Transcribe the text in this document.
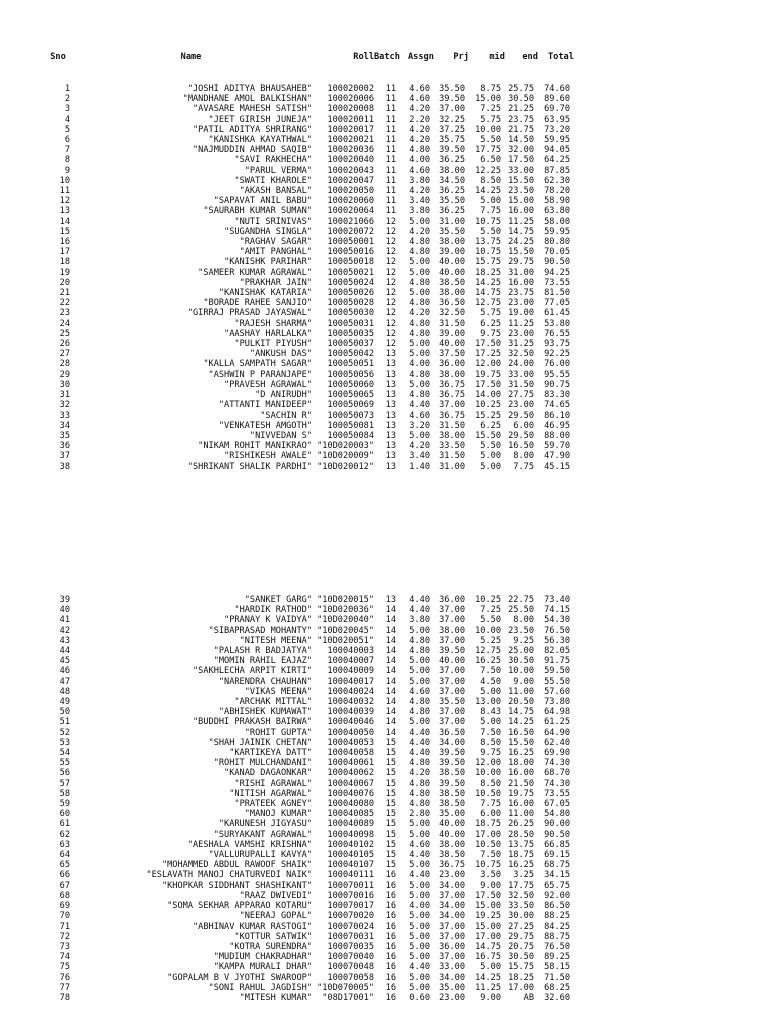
Sno	Name	Roll	Batch	Assgn	Prj	mid	end	Total
1	"JOSHI ADITYA BHAUSAHEB"	100020002	11	4.60	35.50	8.75	25.75	74.60
2	"MANDHANE AMOL BALKISHAN"	100020006	11	4.60	39.50	15.00	30.50	89.60
3	"AVASARE MAHESH SATISH"	100020008	11	4.20	37.00	7.25	21.25	69.70
4	"JEET GIRISH JUNEJA"	100020011	11	2.20	32.25	5.75	23.75	63.95
5	"PATIL ADITYA SHRIRANG"	100020017	11	4.20	37.25	10.00	21.75	73.20
6	"KANISHKA KAYATHWAL"	100020021	11	4.20	35.75	5.50	14.50	59.95
7	"NAJMUDDIN AHMAD SAQIB"	100020036	11	4.80	39.50	17.75	32.00	94.05
8	"SAVI RAKHECHA"	100020040	11	4.00	36.25	6.50	17.50	64.25
9	"PARUL VERMA"	100020043	11	4.60	38.00	12.25	33.00	87.85
10	"SWATI KHAROLE"	100020047	11	3.80	34.50	8.50	15.50	62.30
11	"AKASH BANSAL"	100020050	11	4.20	36.25	14.25	23.50	78.20
12	"SAPAVAT ANIL BABU"	100020060	11	3.40	35.50	5.00	15.00	58.90
13	"SAURABH KUMAR SUMAN"	100020064	11	3.80	36.25	7.75	16.00	63.80
14	"NUTI SRINIVAS"	100021066	12	5.00	31.00	10.75	11.25	58.00
15	"SUGANDHA SINGLA"	100020072	12	4.20	35.50	5.50	14.75	59.95
16	"RAGHAV SAGAR"	100050001	12	4.80	38.00	13.75	24.25	80.80
17	"AMIT PANGHAL"	100050016	12	4.80	39.00	10.75	15.50	70.05
18	"KANISHK PARIHAR"	100050018	12	5.00	40.00	15.75	29.75	90.50
19	"SAMEER KUMAR AGRAWAL"	100050021	12	5.00	40.00	18.25	31.00	94.25
20	"PRAKHAR JAIN"	100050024	12	4.80	38.50	14.25	16.00	73.55
21	"KANISHAK KATARIA"	100050026	12	5.00	38.00	14.75	23.75	81.50
22	"BORADE RAHEE SANJIO"	100050028	12	4.80	36.50	12.75	23.00	77.05
23	"GIRRAJ PRASAD JAYASWAL"	100050030	12	4.20	32.50	5.75	19.00	61.45
24	"RAJESH SHARMA"	100050031	12	4.80	31.50	6.25	11.25	53.80
25	"AASHAY HARLALKA"	100050035	12	4.80	39.00	9.75	23.00	76.55
26	"PULKIT PIYUSH"	100050037	12	5.00	40.00	17.50	31.25	93.75
27	"ANKUSH DAS"	100050042	13	5.00	37.50	17.25	32.50	92.25
28	"KALLA SAMPATH SAGAR"	100050051	13	4.00	36.00	12.00	24.00	76.00
29	"ASHWIN P PARANJAPE"	100050056	13	4.80	38.00	19.75	33.00	95.55
30	"PRAVESH AGRAWAL"	100050060	13	5.00	36.75	17.50	31.50	90.75
31	"D ANIRUDH"	100050065	13	4.80	36.75	14.00	27.75	83.30
32	"ATTANTI MANIDEEP"	100050069	13	4.40	37.00	10.25	23.00	74.65
33	"SACHIN R"	100050073	13	4.60	36.75	15.25	29.50	86.10
34	"VENKATESH AMGOTH"	100050081	13	3.20	31.50	6.25	6.00	46.95
35	"NIVVEDAN S"	100050084	13	5.00	38.00	15.50	29.50	88.00
36	"NIKAM ROHIT MANIKRAO"	"10D020003"	13	4.20	33.50	5.50	16.50	59.70
37	"RISHIKESH AWALE"	"10D020009"	13	3.40	31.50	5.00	8.00	47.90
38	"SHRIKANT SHALIK PARDHI"	"10D020012"	13	1.40	31.00	5.00	7.75	45.15
39	"SANKET GARG"	"10D020015"	13	4.40	36.00	10.25	22.75	73.40
40	"HARDIK RATHOD"	"10D020036"	14	4.40	37.00	7.25	25.50	74.15
41	"PRANAY K VAIDYA"	"10D020040"	14	3.80	37.00	5.50	8.00	54.30
42	"SIBAPRASAD MOHANTY"	"10D020045"	14	5.00	38.00	10.00	23.50	76.50
43	"NITESH MEENA"	"10D020051"	14	4.80	37.00	5.25	9.25	56.30
44	"PALASH R BADJATYA"	100040003	14	4.80	39.50	12.75	25.00	82.05
45	"MOMIN RAHIL EAJAZ"	100040007	14	5.00	40.00	16.25	30.50	91.75
46	"SAKHLECHA ARPIT KIRTI"	100040009	14	5.00	37.00	7.50	10.00	59.50
47	"NARENDRA CHAUHAN"	100040017	14	5.00	37.00	4.50	9.00	55.50
48	"VIKAS MEENA"	100040024	14	4.60	37.00	5.00	11.00	57.60
49	"ARCHAK MITTAL"	100040032	14	4.80	35.50	13.00	20.50	73.80
50	"ABHISHEK KUMAWAT"	100040039	14	4.80	37.00	8.43	14.75	64.98
51	"BUDDHI PRAKASH BAIRWA"	100040046	14	5.00	37.00	5.00	14.25	61.25
52	"ROHIT GUPTA"	100040050	14	4.40	36.50	7.50	16.50	64.90
53	"SHAH JAINIK CHETAN"	100040053	15	4.40	34.00	8.50	15.50	62.40
54	"KARTIKEYA DATT"	100040058	15	4.40	39.50	9.75	16.25	69.90
55	"ROHIT MULCHANDANI"	100040061	15	4.80	39.50	12.00	18.00	74.30
56	"KANAD DAGAONKAR"	100040062	15	4.20	38.50	10.00	16.00	68.70
57	"RISHI AGRAWAL"	100040067	15	4.80	39.50	8.50	21.50	74.30
58	"NITISH AGARWAL"	100040076	15	4.80	38.50	10.50	19.75	73.55
59	"PRATEEK AGNEY"	100040080	15	4.80	38.50	7.75	16.00	67.05
60	"MANOJ KUMAR"	100040085	15	2.80	35.00	6.00	11.00	54.80
61	"KARUNESH JIGYASU"	100040089	15	5.00	40.00	18.75	26.25	90.00
62	"SURYAKANT AGRAWAL"	100040098	15	5.00	40.00	17.00	28.50	90.50
63	"AESHALA VAMSHI KRISHNA"	100040102	15	4.60	38.00	10.50	13.75	66.85
64	"VALLURUPALLI KAVYA"	100040105	15	4.40	38.50	7.50	18.75	69.15
65	"MOHAMMED ABDUL RAWOOF SHAIK"	100040107	15	5.00	36.75	10.75	16.25	68.75
66	"ESLAVATH MANOJ CHATURVEDI NAIK"	100040111	16	4.40	23.00	3.50	3.25	34.15
67	"KHOPKAR SIDDHANT SHASHIKANT"	100070011	16	5.00	34.00	9.00	17.75	65.75
68	"RAAZ DWIVEDI"	100070016	16	5.00	37.00	17.50	32.50	92.00
69	"SOMA SEKHAR APPARAO KOTARU"	100070017	16	4.00	34.00	15.00	33.50	86.50
70	"NEERAJ GOPAL"	100070020	16	5.00	34.00	19.25	30.00	88.25
71	"ABHINAV KUMAR RASTOGI"	100070024	16	5.00	37.00	15.00	27.25	84.25
72	"KOTTUR SATWIK"	100070031	16	5.00	37.00	17.00	29.75	88.75
73	"KOTRA SURENDRA"	100070035	16	5.00	36.00	14.75	20.75	76.50
74	"MUDIUM CHAKRADHAR"	100070040	16	5.00	37.00	16.75	30.50	89.25
75	"KAMPA MURALI DHAR"	100070048	16	4.40	33.00	5.00	15.75	58.15
76	"GOPALAM B V JYOTHI SWAROOP"	100070058	16	5.00	34.00	14.25	18.25	71.50
77	"SONI RAHUL JAGDISH"	"10D070005"	16	5.00	35.00	11.25	17.00	68.25
78	"MITESH KUMAR"	"08D17001"	16	0.60	23.00	9.00	AB	32.60
